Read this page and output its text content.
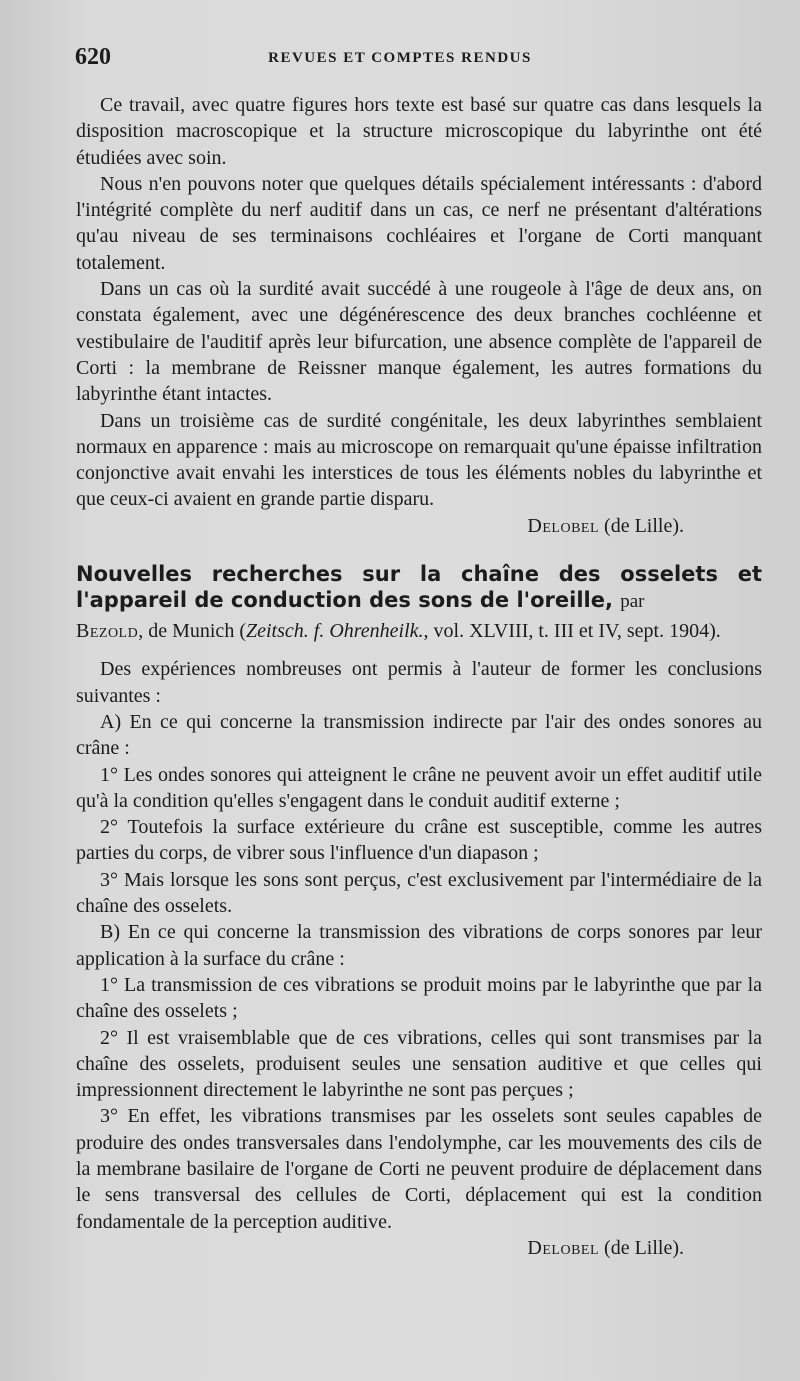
620	REVUES ET COMPTES RENDUS

Ce travail, avec quatre figures hors texte est basé sur quatre cas dans lesquels la disposition macroscopique et la structure microscopique du labyrinthe ont été étudiées avec soin.

Nous n'en pouvons noter que quelques détails spécialement intéressants : d'abord l'intégrité complète du nerf auditif dans un cas, ce nerf ne présentant d'altérations qu'au niveau de ses terminaisons cochléaires et l'organe de Corti manquant totalement.

Dans un cas où la surdité avait succédé à une rougeole à l'âge de deux ans, on constata également, avec une dégénérescence des deux branches cochléenne et vestibulaire de l'auditif après leur bifurcation, une absence complète de l'appareil de Corti : la membrane de Reissner manque également, les autres formations du labyrinthe étant intactes.

Dans un troisième cas de surdité congénitale, les deux labyrinthes semblaient normaux en apparence : mais au microscope on remarquait qu'une épaisse infiltration conjonctive avait envahi les interstices de tous les éléments nobles du labyrinthe et que ceux-ci avaient en grande partie disparu.

Delobel (de Lille).

Nouvelles recherches sur la chaîne des osselets et l'appareil de conduction des sons de l'oreille, par

Bezold, de Munich (Zeitsch. f. Ohrenheilk., vol. XLVIII, t. III et IV, sept. 1904).

Des expériences nombreuses ont permis à l'auteur de former les conclusions suivantes :

A) En ce qui concerne la transmission indirecte par l'air des ondes sonores au crâne :

1° Les ondes sonores qui atteignent le crâne ne peuvent avoir un effet auditif utile qu'à la condition qu'elles s'engagent dans le conduit auditif externe ;

2° Toutefois la surface extérieure du crâne est susceptible, comme les autres parties du corps, de vibrer sous l'influence d'un diapason ;

3° Mais lorsque les sons sont perçus, c'est exclusivement par l'intermédiaire de la chaîne des osselets.

B) En ce qui concerne la transmission des vibrations de corps sonores par leur application à la surface du crâne :

1° La transmission de ces vibrations se produit moins par le labyrinthe que par la chaîne des osselets ;

2° Il est vraisemblable que de ces vibrations, celles qui sont transmises par la chaîne des osselets, produisent seules une sensation auditive et que celles qui impressionnent directement le labyrinthe ne sont pas perçues ;

3° En effet, les vibrations transmises par les osselets sont seules capables de produire des ondes transversales dans l'endolymphe, car les mouvements des cils de la membrane basilaire de l'organe de Corti ne peuvent produire de déplacement dans le sens transversal des cellules de Corti, déplacement qui est la condition fondamentale de la perception auditive.

Delobel (de Lille).
